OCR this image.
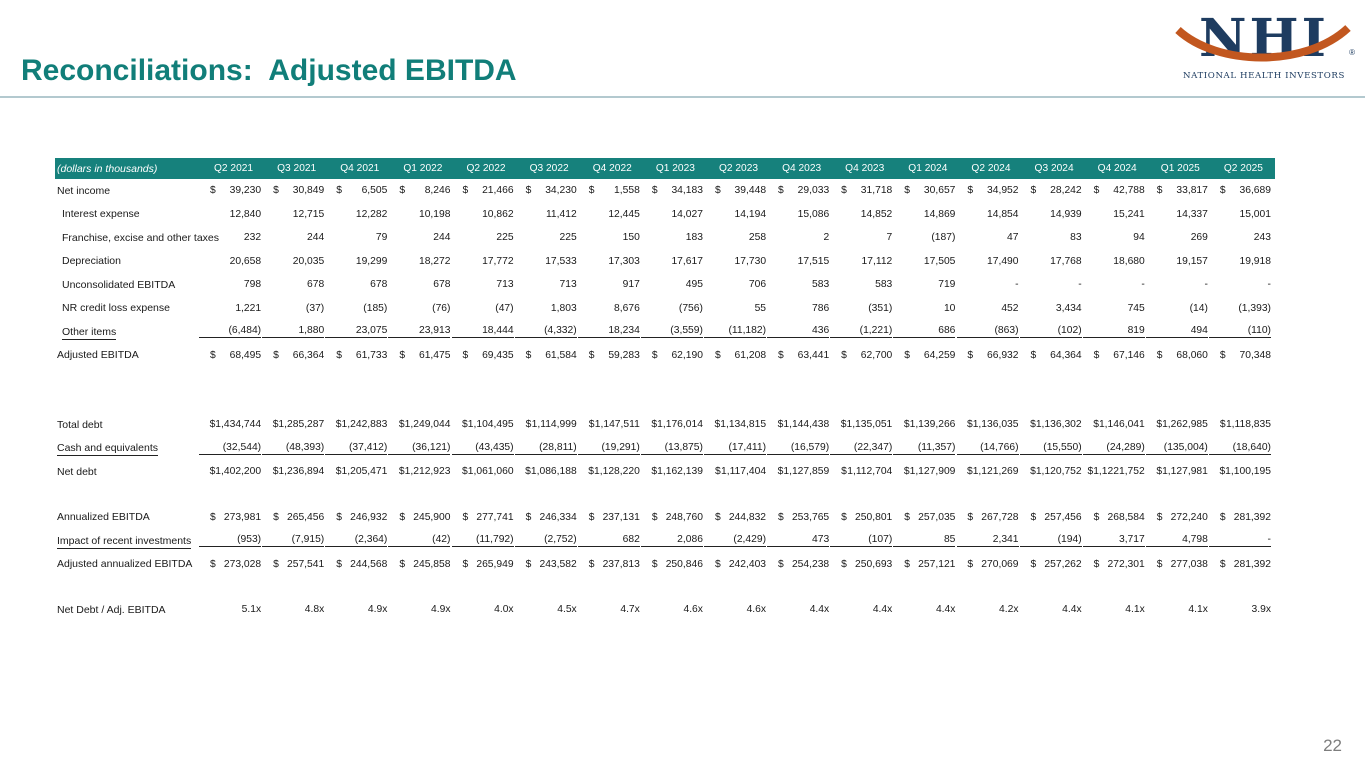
Reconciliations:  Adjusted EBITDA
NHI	®
NATIONAL HEALTH INVESTORS
(dollars in thousands)	Q2 2021	Q3 2021	Q4 2021	Q1 2022	Q2 2022	Q3 2022	Q4 2022	Q1 2023	Q2 2023	Q4 2023	Q4 2023	Q1 2024	Q2 2024	Q3 2024	Q4 2024	Q1 2025	Q2 2025
Net income	$ 39,230 $ 30,849 $ 6,505 $ 8,246 $ 21,466 $ 34,230 $ 1,558 $ 34,183 $ 39,448 $ 29,033 $ 31,718 $ 30,657 $ 34,952 $ 28,242 $ 42,788 $ 33,817 $ 36,689
Interest expense	12,840	12,715	12,282	10,198	10,862	11,412	12,445	14,027	14,194	15,086	14,852	14,869	14,854	14,939	15,241	14,337	15,001
Franchise, excise and other taxes 232	244	79	244	225	225	150	183	258	2	7	(187)	47	83	94	269	243
Depreciation	20,658	20,035	19,299	18,272	17,772	17,533	17,303	17,617	17,730	17,515	17,112	17,505	17,490	17,768	18,680	19,157	19,918
Unconsolidated EBITDA	798	678	678	678	713	713	917	495	706	583	583	719	-	-	-	-	-
NR credit loss expense	1,221	(37)	(185)	(76)	(47)	1,803	8,676	(756)	55	786	(351)	10	452	3,434	745	(14)	(1,393)
Other items	(6,484)	1,880	23,075	23,913	18,444	(4,332)	18,234	(3,559)	(11,182)	436	(1,221)	686	(863)	(102)	819	494	(110)
Adjusted EBITDA	$ 68,495 $ 66,364 $ 61,733 $ 61,475 $ 69,435 $ 61,584 $ 59,283 $ 62,190 $ 61,208 $ 63,441 $ 62,700 $ 64,259 $ 66,932 $ 64,364 $ 67,146 $ 68,060 $ 70,348
Total debt	$ 1,434,744 $ 1,285,287 $ 1,242,883 $ 1,249,044 $ 1,104,495 $ 1,114,999 $ 1,147,511 $ 1,176,014 $ 1,134,815 $ 1,144,438 $ 1,135,051 $ 1,139,266 $ 1,136,035 $ 1,136,302 $ 1,146,041 $ 1,262,985 $ 1,118,835
Cash and equivalents	(32,544)	(48,393)	(37,412)	(36,121)	(43,435)	(28,811)	(19,291)	(13,875)	(17,411)	(16,579)	(22,347)	(11,357)	(14,766)	(15,550)	(24,289)	(135,004)	(18,640)
Net debt	$ 1,402,200 $ 1,236,894 $ 1,205,471 $ 1,212,923 $ 1,061,060 $ 1,086,188 $ 1,128,220 $ 1,162,139 $ 1,117,404 $ 1,127,859 $ 1,112,704 $ 1,127,909 $ 1,121,269 $ 1,120,752 $ 1,1221,752 $ 1,127,981 $ 1,100,195
Annualized EBITDA	$ 273,981 $ 265,456 $ 246,932 $ 245,900 $ 277,741 $ 246,334 $ 237,131 $ 248,760 $ 244,832 $ 253,765 $ 250,801 $ 257,035 $ 267,728 $ 257,456 $ 268,584 $ 272,240 $ 281,392
Impact of recent investments	(953)	(7,915)	(2,364)	(42)	(11,792)	(2,752)	682	2,086	(2,429)	473	(107)	85	2,341	(194)	3,717	4,798	-
Adjusted annualized EBITDA	$ 273,028 $ 257,541 $ 244,568 $ 245,858 $ 265,949 $ 243,582 $ 237,813 $ 250,846 $ 242,403 $ 254,238 $ 250,693 $ 257,121 $ 270,069 $ 257,262 $ 272,301 $ 277,038 $ 281,392
Net Debt / Adj. EBITDA	5.1x	4.8x	4.9x	4.9x	4.0x	4.5x	4.7x	4.6x	4.6x	4.4x	4.4x	4.4x	4.2x	4.4x	4.1x	4.1x	3.9x
22
